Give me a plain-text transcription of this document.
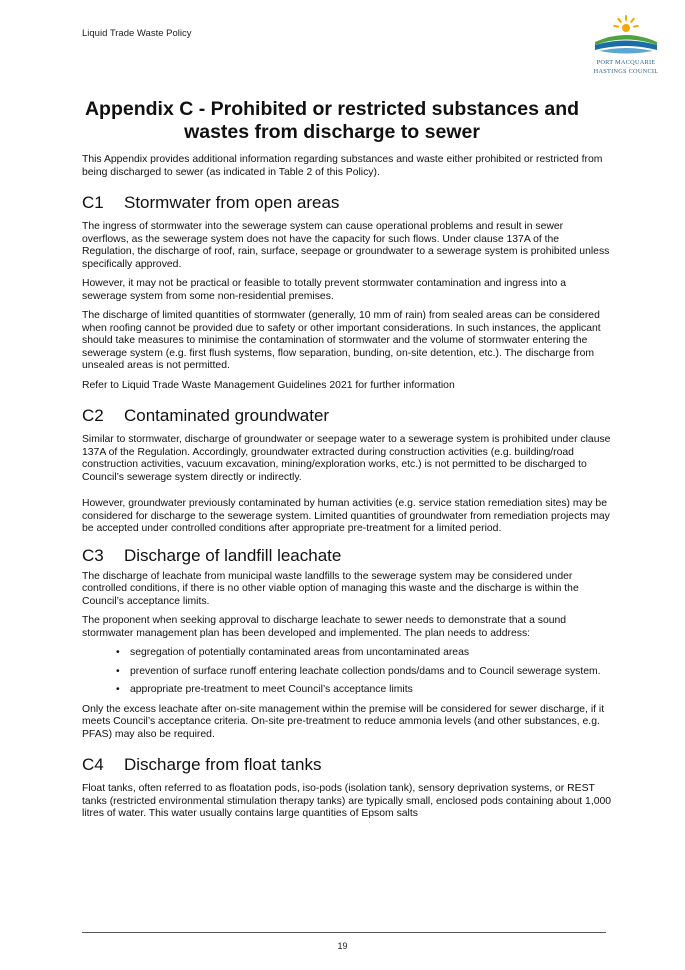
Liquid Trade Waste Policy
PORT MACQUARIE
HASTINGS COUNCIL
Appendix C - Prohibited or restricted substances and
wastes from discharge to sewer

This Appendix provides additional information regarding substances and waste either prohibited or restricted from being discharged to sewer (as indicated in Table 2 of this Policy).

C1	Stormwater from open areas

The ingress of stormwater into the sewerage system can cause operational problems and result in sewer overflows, as the sewerage system does not have the capacity for such flows. Under clause 137A of the Regulation, the discharge of roof, rain, surface, seepage or groundwater to a sewerage system is prohibited unless specifically approved.

However, it may not be practical or feasible to totally prevent stormwater contamination and ingress into a sewerage system from some non-residential premises.

The discharge of limited quantities of stormwater (generally, 10 mm of rain) from sealed areas can be considered when roofing cannot be provided due to safety or other important considerations. In such instances, the applicant should take measures to minimise the contamination of stormwater and the volume of stormwater entering the sewerage system (e.g. first flush systems, flow separation, bunding, on-site detention, etc.). The discharge from unsealed areas is not permitted.

Refer to Liquid Trade Waste Management Guidelines 2021 for further information

C2	Contaminated groundwater

Similar to stormwater, discharge of groundwater or seepage water to a sewerage system is prohibited under clause 137A of the Regulation. Accordingly, groundwater extracted during construction activities (e.g. building/road construction activities, vacuum excavation, mining/exploration works, etc.) is not permitted to be discharged to Council’s sewerage system directly or indirectly.

However, groundwater previously contaminated by human activities (e.g. service station remediation sites) may be considered for discharge to the sewerage system. Limited quantities of groundwater from remediation projects may be accepted under controlled conditions after appropriate pre-treatment for a limited period.

C3	Discharge of landfill leachate

The discharge of leachate from municipal waste landfills to the sewerage system may be considered under controlled conditions, if there is no other viable option of managing this waste and the discharge is within the Council’s acceptance limits.

The proponent when seeking approval to discharge leachate to sewer needs to demonstrate that a sound stormwater management plan has been developed and implemented. The plan needs to address:

• segregation of potentially contaminated areas from uncontaminated areas
• prevention of surface runoff entering leachate collection ponds/dams and to Council sewerage system.
• appropriate pre-treatment to meet Council’s acceptance limits

Only the excess leachate after on-site management within the premise will be considered for sewer discharge, if it meets Council’s acceptance criteria. On-site pre-treatment to reduce ammonia levels (and other substances, e.g. PFAS) may also be required.

C4	Discharge from float tanks

Float tanks, often referred to as floatation pods, iso-pods (isolation tank), sensory deprivation systems, or REST tanks (restricted environmental stimulation therapy tanks) are typically small, enclosed pods containing about 1,000 litres of water. This water usually contains large quantities of Epsom salts

19
